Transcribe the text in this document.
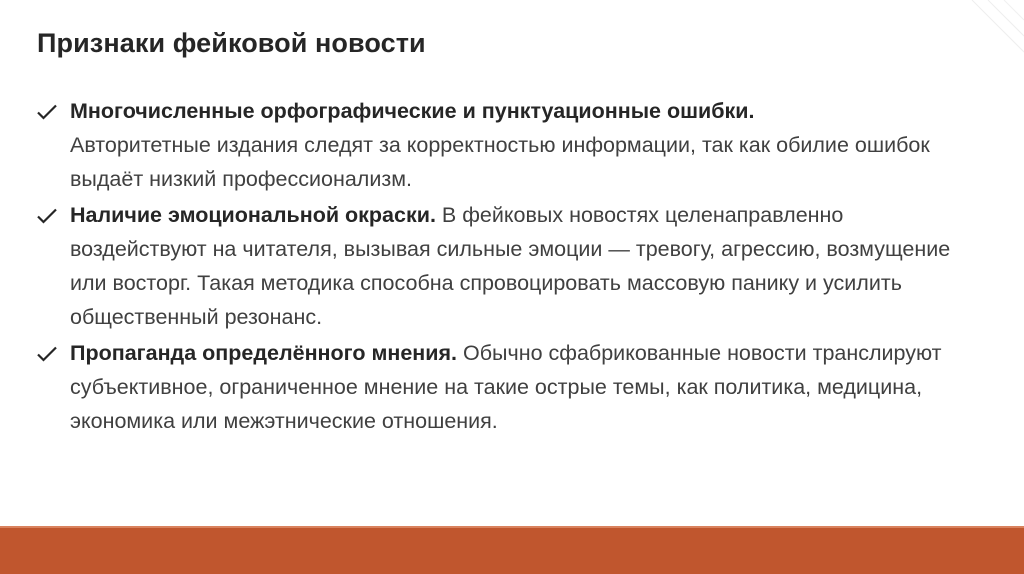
Признаки фейковой новости
Многочисленные орфографические и пунктуационные ошибки.
Авторитетные издания следят за корректностью информации, так как обилие ошибок выдаёт низкий профессионализм.
Наличие эмоциональной окраски. В фейковых новостях целенаправленно воздействуют на читателя, вызывая сильные эмоции — тревогу, агрессию, возмущение или восторг. Такая методика способна спровоцировать массовую панику и усилить общественный резонанс.
Пропаганда определённого мнения. Обычно сфабрикованные новости транслируют субъективное, ограниченное мнение на такие острые темы, как политика, медицина, экономика или межэтнические отношения.
